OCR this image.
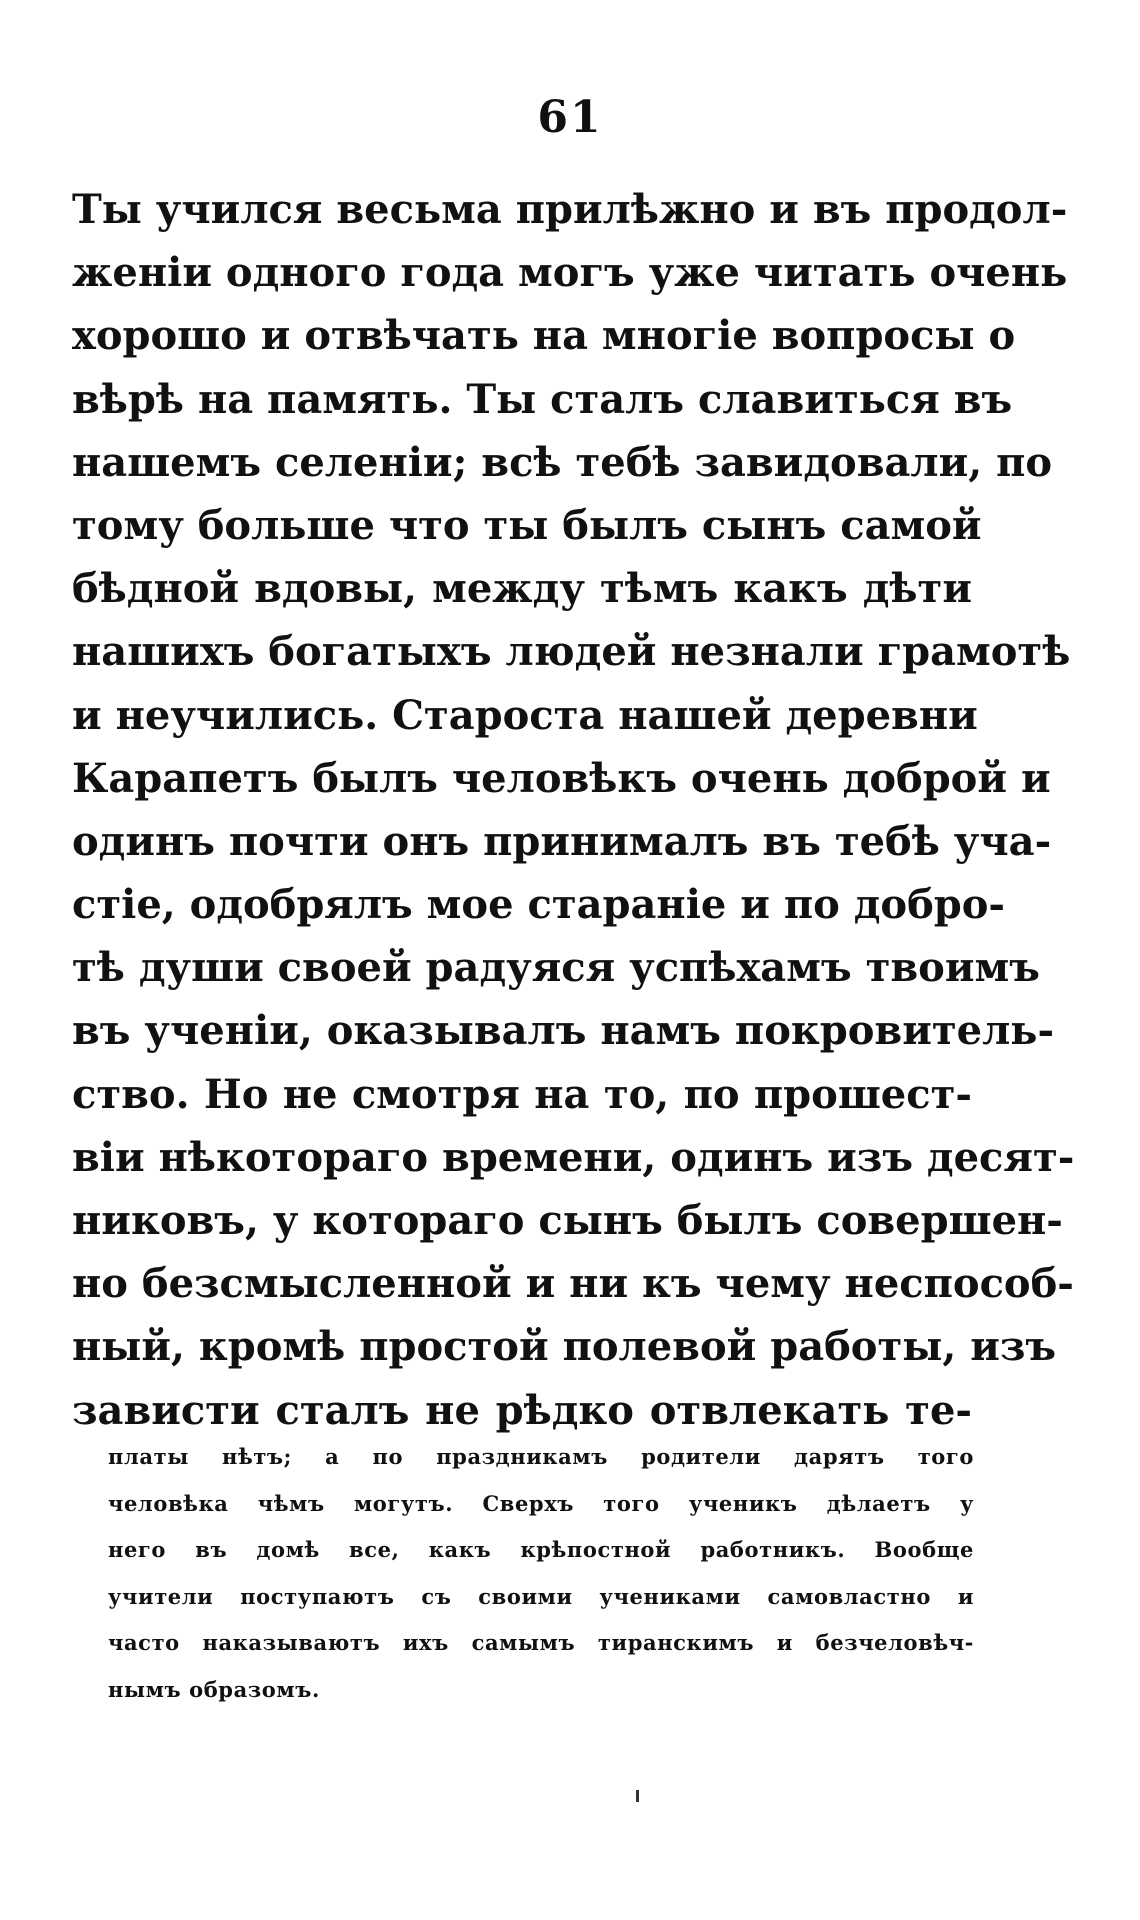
61
Ты учился весьма прилѣжно и въ продол-
женіи одного года могъ уже читать очень
хорошо и отвѣчать на многіе вопросы о
вѣрѣ на память. Ты сталъ славиться въ
нашемъ селеніи; всѣ тебѣ завидовали, по
тому больше что ты былъ сынъ самой
бѣдной вдовы, между тѣмъ какъ дѣти
нашихъ богатыхъ людей незнали грамотѣ
и неучились. Староста нашей деревни
Карапетъ былъ человѣкъ очень доброй и
одинъ почти онъ принималъ въ тебѣ уча-
стіе, одобрялъ мое стараніе и по добро-
тѣ души своей радуяся успѣхамъ твоимъ
въ ученіи, оказывалъ намъ покровитель-
ство. Но не смотря на то, по прошест-
віи нѣкотораго времени, одинъ изъ десят-
никовъ, у котораго сынъ былъ совершен-
но безсмысленной и ни къ чему неспособ-
ный, кромѣ простой полевой работы, изъ
зависти сталъ не рѣдко отвлекать те-
платы нѣтъ; а по праздникамъ родители дарятъ того
человѣка чѣмъ могутъ. Сверхъ того ученикъ дѣлаетъ у
него въ домѣ все, какъ крѣпостной работникъ. Вообще
учители поступаютъ съ своими учениками самовластно и
часто наказываютъ ихъ самымъ тиранскимъ и безчеловѣч-
нымъ образомъ.
